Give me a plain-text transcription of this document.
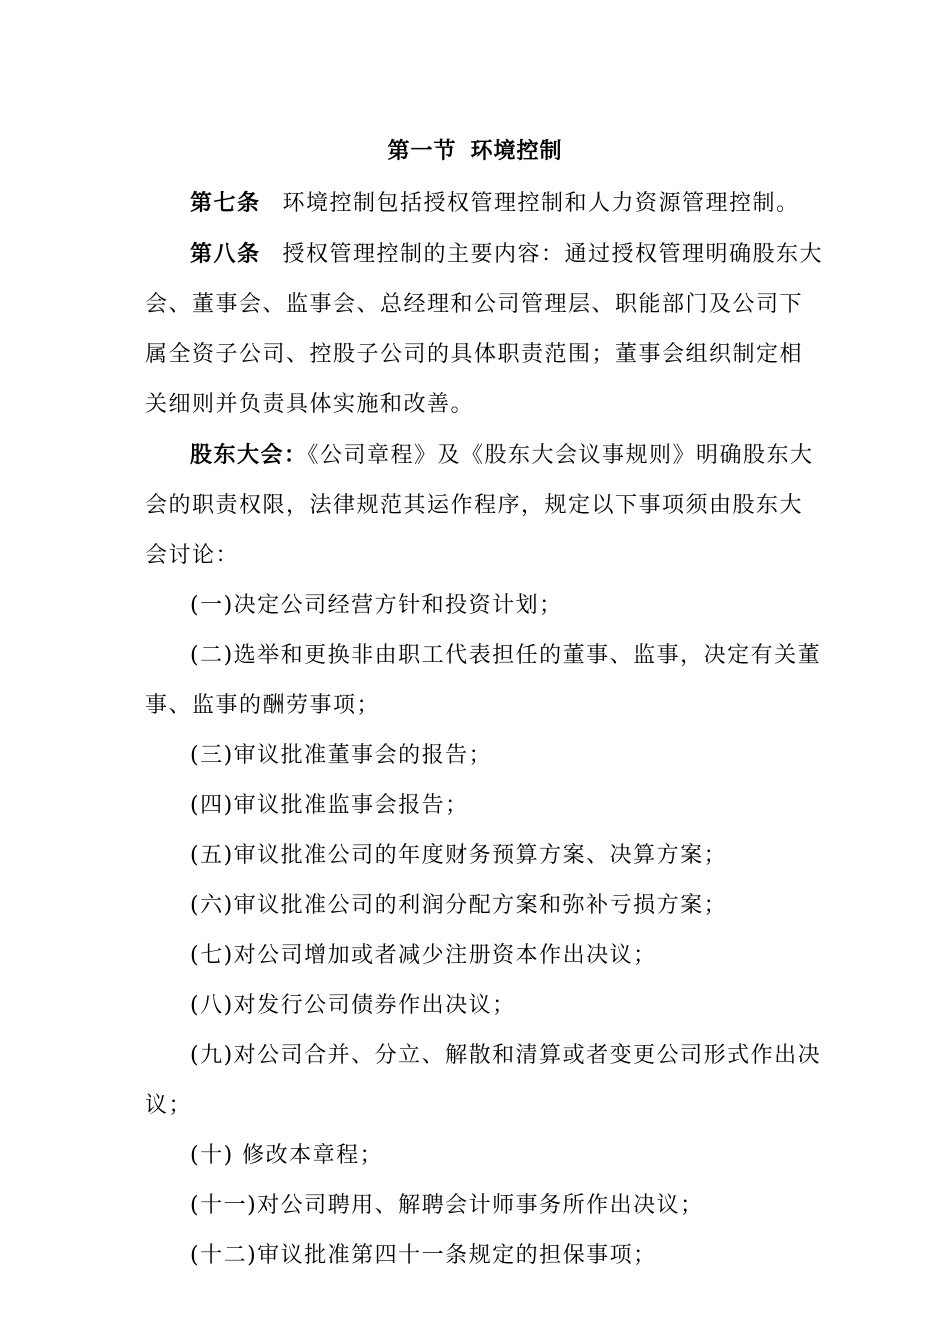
第一节 环境控制

第七条 环境控制包括授权管理控制和人力资源管理控制。

第八条 授权管理控制的主要内容：通过授权管理明确股东大会、董事会、监事会、总经理和公司管理层、职能部门及公司下属全资子公司、控股子公司的具体职责范围；董事会组织制定相关细则并负责具体实施和改善。

股东大会：《公司章程》及《股东大会议事规则》明确股东大会的职责权限，法律规范其运作程序，规定以下事项须由股东大会讨论：

(一)决定公司经营方针和投资计划；

(二)选举和更换非由职工代表担任的董事、监事，决定有关董事、监事的酬劳事项；

(三)审议批准董事会的报告；

(四)审议批准监事会报告；

(五)审议批准公司的年度财务预算方案、决算方案；

(六)审议批准公司的利润分配方案和弥补亏损方案；

(七)对公司增加或者减少注册资本作出决议；

(八)对发行公司债券作出决议；

(九)对公司合并、分立、解散和清算或者变更公司形式作出决议；

(十) 修改本章程；

(十一)对公司聘用、解聘会计师事务所作出决议；

(十二)审议批准第四十一条规定的担保事项；
